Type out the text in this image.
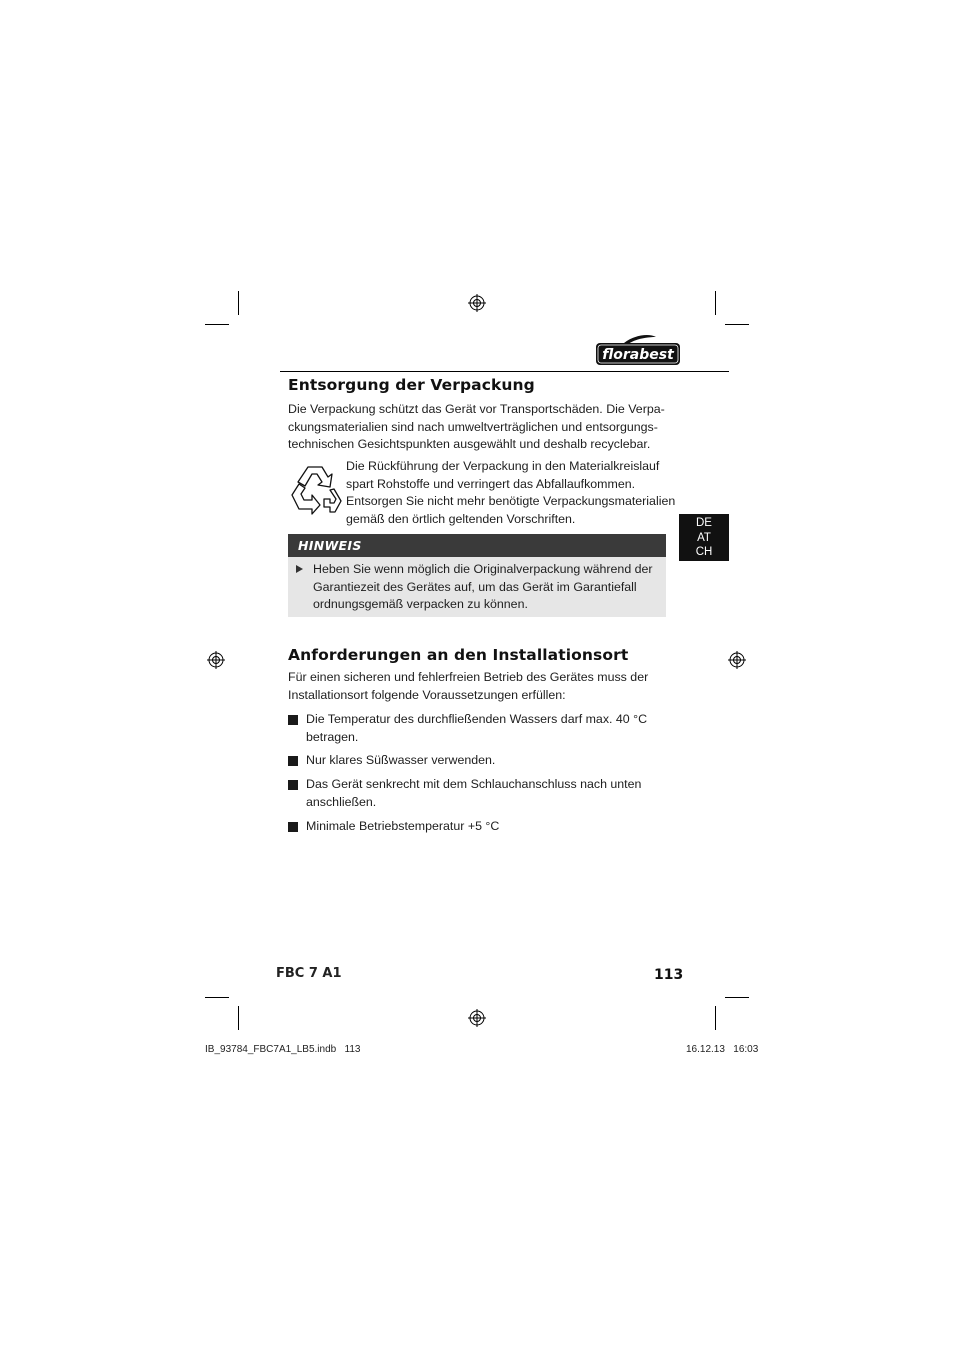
florabest
DE
AT
CH
Entsorgung der Verpackung
Die Verpackung schützt das Gerät vor Transportschäden. Die Verpa-
ckungsmaterialien sind nach umweltverträglichen und entsorgungs-
technischen Gesichtspunkten ausgewählt und deshalb recyclebar.
Die Rückführung der Verpackung in den Materialkreislauf
spart Rohstoffe und verringert das Abfallaufkommen.
Entsorgen Sie nicht mehr benötigte Verpackungsmaterialien
gemäß den örtlich geltenden Vorschriften.
HINWEIS
Heben Sie wenn möglich die Originalverpackung während der
Garantiezeit des Gerätes auf, um das Gerät im Garantiefall
ordnungsgemäß verpacken zu können.
Anforderungen an den Installationsort
Für einen sicheren und fehlerfreien Betrieb des Gerätes muss der
Installationsort folgende Voraussetzungen erfüllen:
Die Temperatur des durchfließenden Wassers darf max. 40 °C
betragen.
Nur klares Süßwasser verwenden.
Das Gerät senkrecht mit dem Schlauchanschluss nach unten
anschließen.
Minimale Betriebstemperatur +5 °C
FBC 7 A1	113
IB_93784_FBC7A1_LB5.indb   113	16.12.13   16:03
